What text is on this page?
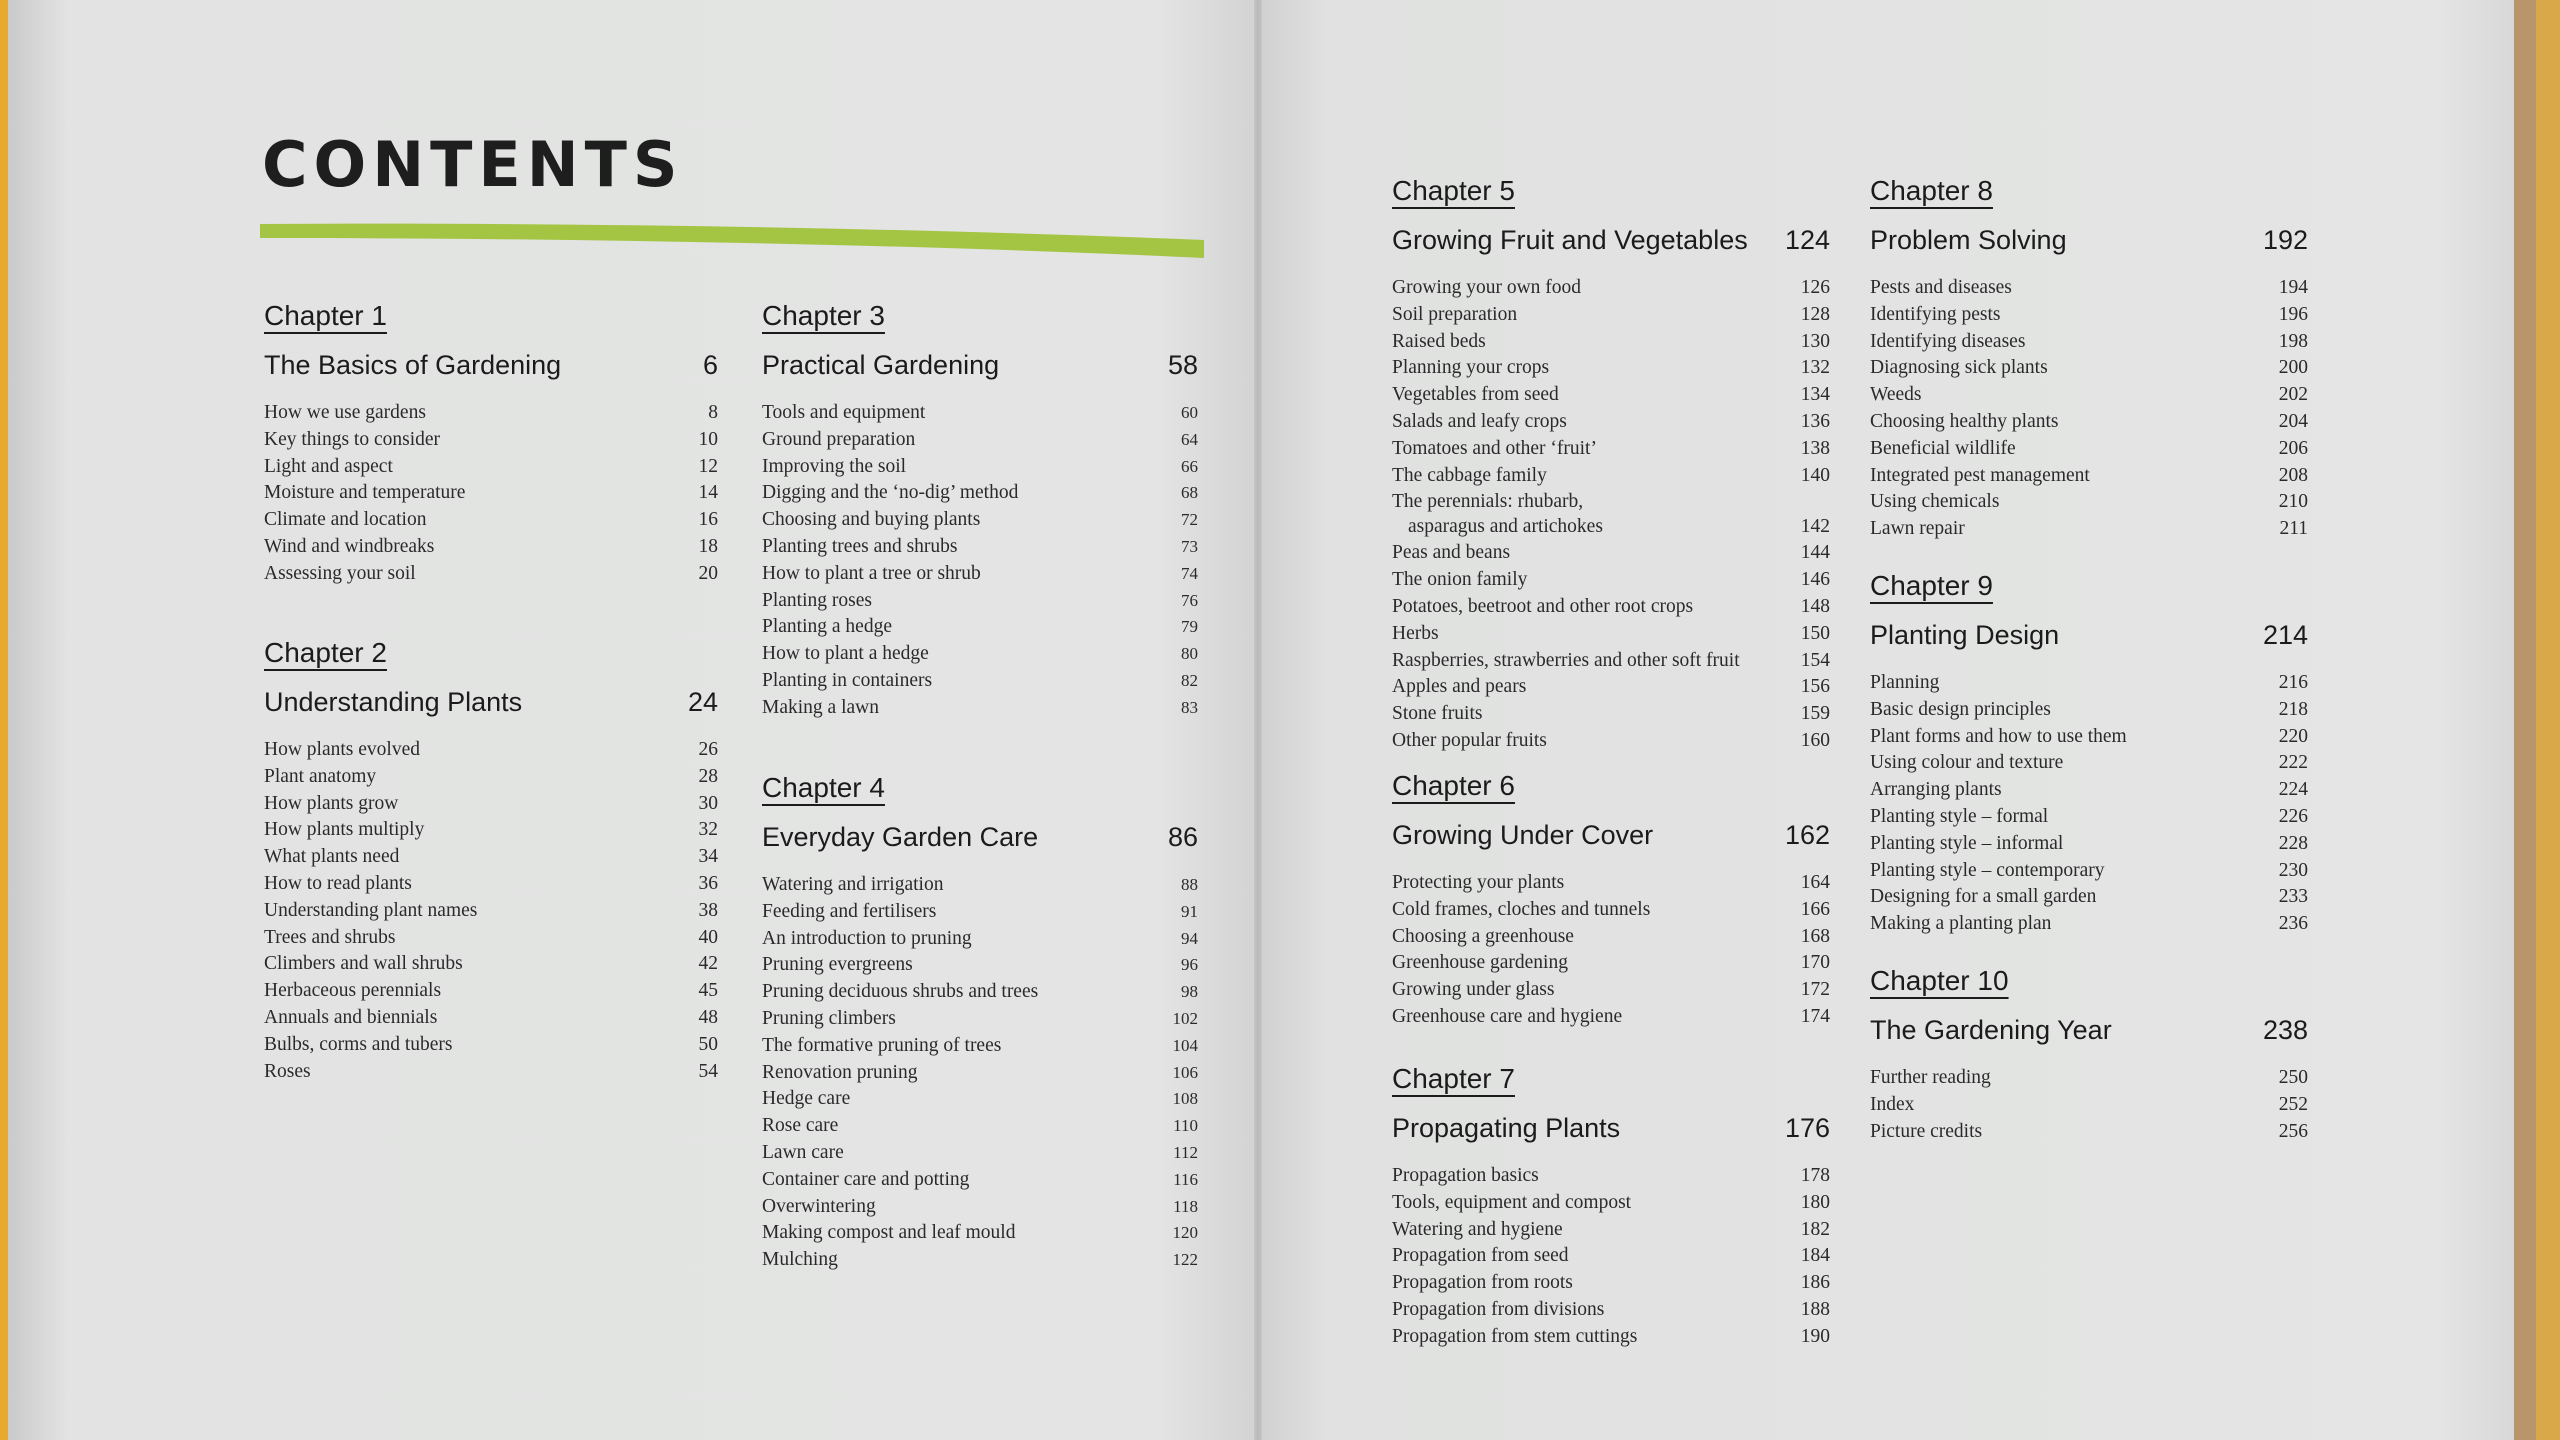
CONTENTS
Chapter 1
The Basics of Gardening	6
How we use gardens	8
Key things to consider	10
Light and aspect	12
Moisture and temperature	14
Climate and location	16
Wind and windbreaks	18
Assessing your soil	20
Chapter 2
Understanding Plants	24
How plants evolved	26
Plant anatomy	28
How plants grow	30
How plants multiply	32
What plants need	34
How to read plants	36
Understanding plant names	38
Trees and shrubs	40
Climbers and wall shrubs	42
Herbaceous perennials	45
Annuals and biennials	48
Bulbs, corms and tubers	50
Roses	54
Chapter 3
Practical Gardening	58
Tools and equipment	60
Ground preparation	64
Improving the soil	66
Digging and the ‘no-dig’ method	68
Choosing and buying plants	72
Planting trees and shrubs	73
How to plant a tree or shrub	74
Planting roses	76
Planting a hedge	79
How to plant a hedge	80
Planting in containers	82
Making a lawn	83
Chapter 4
Everyday Garden Care	86
Watering and irrigation	88
Feeding and fertilisers	91
An introduction to pruning	94
Pruning evergreens	96
Pruning deciduous shrubs and trees	98
Pruning climbers	102
The formative pruning of trees	104
Renovation pruning	106
Hedge care	108
Rose care	110
Lawn care	112
Container care and potting	116
Overwintering	118
Making compost and leaf mould	120
Mulching	122
Chapter 5
Growing Fruit and Vegetables 124
Growing your own food	126
Soil preparation	128
Raised beds	130
Planning your crops	132
Vegetables from seed	134
Salads and leafy crops	136
Tomatoes and other ‘fruit’	138
The cabbage family	140
The perennials: rhubarb,
asparagus and artichokes	142
Peas and beans	144
The onion family	146
Potatoes, beetroot and other root crops	148
Herbs	150
Raspberries, strawberries and other soft fruit	154
Apples and pears	156
Stone fruits	159
Other popular fruits	160
Chapter 6
Growing Under Cover	162
Protecting your plants	164
Cold frames, cloches and tunnels	166
Choosing a greenhouse	168
Greenhouse gardening	170
Growing under glass	172
Greenhouse care and hygiene	174
Chapter 7
Propagating Plants	176
Propagation basics	178
Tools, equipment and compost	180
Watering and hygiene	182
Propagation from seed	184
Propagation from roots	186
Propagation from divisions	188
Propagation from stem cuttings	190
Chapter 8
Problem Solving	192
Pests and diseases	194
Identifying pests	196
Identifying diseases	198
Diagnosing sick plants	200
Weeds	202
Choosing healthy plants	204
Beneficial wildlife	206
Integrated pest management	208
Using chemicals	210
Lawn repair	211
Chapter 9
Planting Design	214
Planning	216
Basic design principles	218
Plant forms and how to use them	220
Using colour and texture	222
Arranging plants	224
Planting style – formal	226
Planting style – informal	228
Planting style – contemporary	230
Designing for a small garden	233
Making a planting plan	236
Chapter 10
The Gardening Year	238
Further reading	250
Index	252
Picture credits	256
